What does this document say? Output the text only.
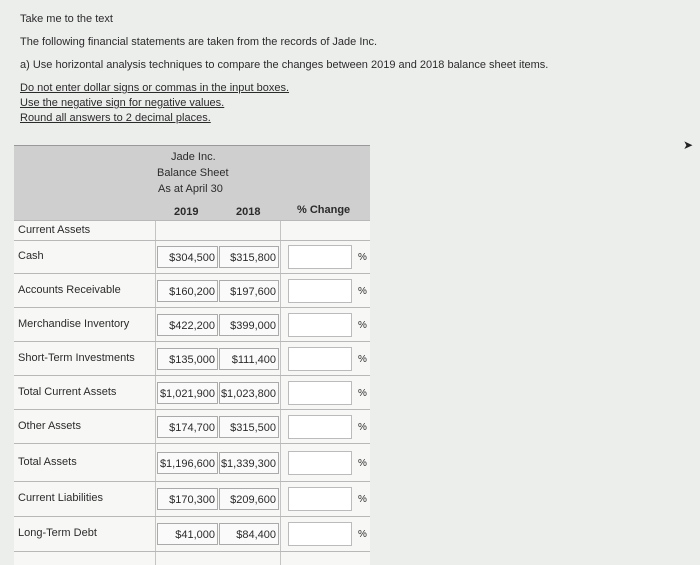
Take me to the text
The following financial statements are taken from the records of Jade Inc.
a) Use horizontal analysis techniques to compare the changes between 2019 and 2018 balance sheet items.
Do not enter dollar signs or commas in the input boxes.
Use the negative sign for negative values.
Round all answers to 2 decimal places.
➤
Jade Inc.
Balance Sheet
As at April 30
2019	2018	% Change
Current Assets
Cash	$304,500	$315,800	%
Accounts Receivable	$160,200	$197,600	%
Merchandise Inventory	$422,200	$399,000	%
Short-Term Investments	$135,000	$111,400	%
Total Current Assets	$1,021,900 $1,023,800	%
Other Assets	$174,700	$315,500	%
Total Assets	$1,196,600 $1,339,300	%
Current Liabilities	$170,300	$209,600	%
Long-Term Debt	$41,000	$84,400	%
